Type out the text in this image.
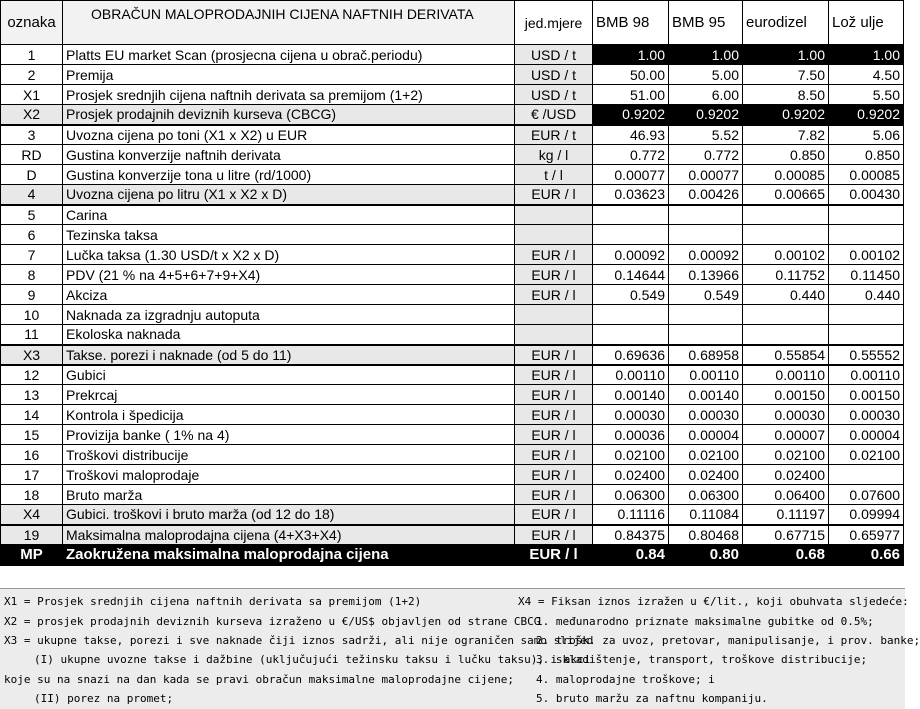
oznaka	OBRAČUN MALOPRODAJNIH CIJENA NAFTNIH DERIVATA	jed.mjere	BMB 98	BMB 95	eurodizel	Lož ulje
1	Platts EU market Scan (prosjecna cijena u obrač.periodu)	USD / t	1.00	1.00	1.00	1.00
2	Premija	USD / t	50.00	5.00	7.50	4.50
X1	Prosjek srednjih cijena naftnih derivata sa premijom (1+2)	USD / t	51.00	6.00	8.50	5.50
X2	Prosjek prodajnih deviznih kurseva (CBCG)	€ /USD	0.9202	0.9202	0.9202	0.9202
3	Uvozna cijena po toni (X1 x X2) u EUR	EUR / t	46.93	5.52	7.82	5.06
RD	Gustina konverzije naftnih derivata	kg / l	0.772	0.772	0.850	0.850
D	Gustina konverzije tona u litre (rd/1000)	t / l	0.00077	0.00077	0.00085	0.00085
4	Uvozna cijena po litru (X1 x X2 x D)	EUR / l	0.03623	0.00426	0.00665	0.00430
5	Carina					
6	Tezinska taksa					
7	Lučka taksa (1.30 USD/t x X2 x D)	EUR / l	0.00092	0.00092	0.00102	0.00102
8	PDV (21 % na 4+5+6+7+9+X4)	EUR / l	0.14644	0.13966	0.11752	0.11450
9	Akciza	EUR / l	0.549	0.549	0.440	0.440
10	Naknada za izgradnju autoputa					
11	Ekoloska naknada					
X3	Takse. porezi i naknade (od 5 do 11)	EUR / l	0.69636	0.68958	0.55854	0.55552
12	Gubici	EUR / l	0.00110	0.00110	0.00110	0.00110
13	Prekrcaj	EUR / l	0.00140	0.00140	0.00150	0.00150
14	Kontrola i špedicija	EUR / l	0.00030	0.00030	0.00030	0.00030
15	Provizija banke ( 1% na 4)	EUR / l	0.00036	0.00004	0.00007	0.00004
16	Troškovi distribucije	EUR / l	0.02100	0.02100	0.02100	0.02100
17	Troškovi maloprodaje	EUR / l	0.02400	0.02400	0.02400	
18	Bruto marža	EUR / l	0.06300	0.06300	0.06400	0.07600
X4	Gubici. troškovi i bruto marža (od 12 do 18)	EUR / l	0.11116	0.11084	0.11197	0.09994
19	Maksimalna maloprodajna cijena (4+X3+X4)	EUR / l	0.84375	0.80468	0.67715	0.65977
MP	Zaokružena maksimalna maloprodajna cijena	EUR / l	0.84	0.80	0.68	0.66
X1 = Prosjek srednjih cijena naftnih derivata sa premijom (1+2)
X2 = prosjek prodajnih deviznih kurseva izraženo u €/US$ objavljen od strane CBCG
X3 = ukupne takse, porezi i sve naknade čiji iznos sadrži, ali nije ograničen samo slijed
(I) ukupne uvozne takse i dažbine (uključujući težinsku taksu i lučku taksu), i akci
koje su na snazi na dan kada se pravi obračun maksimalne maloprodajne cijene;
(II) porez na promet;
X4 = Fiksan iznos izražen u €/lit., koji obuhvata sljedeće:
1. međunarodno priznate maksimalne gubitke od 0.5%;
2. trošk. za uvoz, pretovar, manipulisanje, i prov. banke;
3. skladištenje, transport, troškove distribucije;
4. maloprodajne troškove; i
5. bruto maržu za naftnu kompaniju.
